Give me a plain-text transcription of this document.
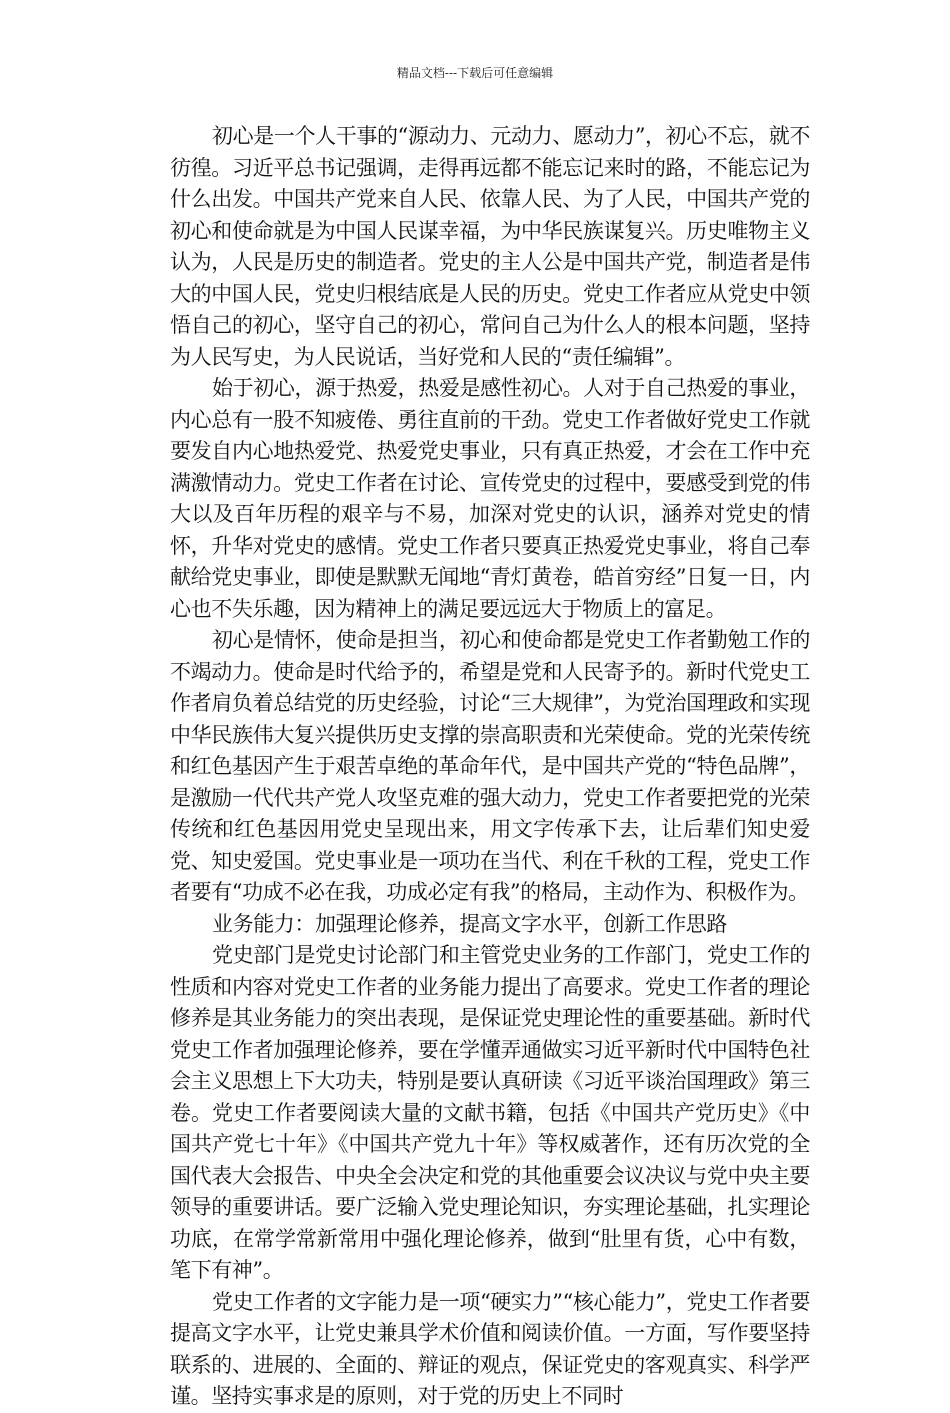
精品文档---下载后可任意编辑

初心是一个人干事的“源动力、元动力、愿动力”，初心不忘，就不彷徨。习近平总书记强调，走得再远都不能忘记来时的路，不能忘记为什么出发。中国共产党来自人民、依靠人民、为了人民，中国共产党的初心和使命就是为中国人民谋幸福，为中华民族谋复兴。历史唯物主义认为，人民是历史的制造者。党史的主人公是中国共产党，制造者是伟大的中国人民，党史归根结底是人民的历史。党史工作者应从党史中领悟自己的初心，坚守自己的初心，常问自己为什么人的根本问题，坚持为人民写史，为人民说话，当好党和人民的“责任编辑”。

始于初心，源于热爱，热爱是感性初心。人对于自己热爱的事业，内心总有一股不知疲倦、勇往直前的干劲。党史工作者做好党史工作就要发自内心地热爱党、热爱党史事业，只有真正热爱，才会在工作中充满激情动力。党史工作者在讨论、宣传党史的过程中，要感受到党的伟大以及百年历程的艰辛与不易，加深对党史的认识，涵养对党史的情怀，升华对党史的感情。党史工作者只要真正热爱党史事业，将自己奉献给党史事业，即使是默默无闻地“青灯黄卷，皓首穷经”日复一日，内心也不失乐趣，因为精神上的满足要远远大于物质上的富足。

初心是情怀，使命是担当，初心和使命都是党史工作者勤勉工作的不竭动力。使命是时代给予的，希望是党和人民寄予的。新时代党史工作者肩负着总结党的历史经验，讨论“三大规律”，为党治国理政和实现中华民族伟大复兴提供历史支撑的崇高职责和光荣使命。党的光荣传统和红色基因产生于艰苦卓绝的革命年代，是中国共产党的“特色品牌”，是激励一代代共产党人攻坚克难的强大动力，党史工作者要把党的光荣传统和红色基因用党史呈现出来，用文字传承下去，让后辈们知史爱党、知史爱国。党史事业是一项功在当代、利在千秋的工程，党史工作者要有“功成不必在我，功成必定有我”的格局，主动作为、积极作为。

业务能力：加强理论修养，提高文字水平，创新工作思路

党史部门是党史讨论部门和主管党史业务的工作部门，党史工作的性质和内容对党史工作者的业务能力提出了高要求。党史工作者的理论修养是其业务能力的突出表现，是保证党史理论性的重要基础。新时代党史工作者加强理论修养，要在学懂弄通做实习近平新时代中国特色社会主义思想上下大功夫，特别是要认真研读《习近平谈治国理政》第三卷。党史工作者要阅读大量的文献书籍，包括《中国共产党历史》《中国共产党七十年》《中国共产党九十年》等权威著作，还有历次党的全国代表大会报告、中央全会决定和党的其他重要会议决议与党中央主要领导的重要讲话。要广泛输入党史理论知识，夯实理论基础，扎实理论功底，在常学常新常用中强化理论修养，做到“肚里有货，心中有数，笔下有神”。

党史工作者的文字能力是一项“硬实力”“核心能力”，党史工作者要提高文字水平，让党史兼具学术价值和阅读价值。一方面，写作要坚持联系的、进展的、全面的、辩证的观点，保证党史的客观真实、科学严谨。坚持实事求是的原则，对于党的历史上不同时
